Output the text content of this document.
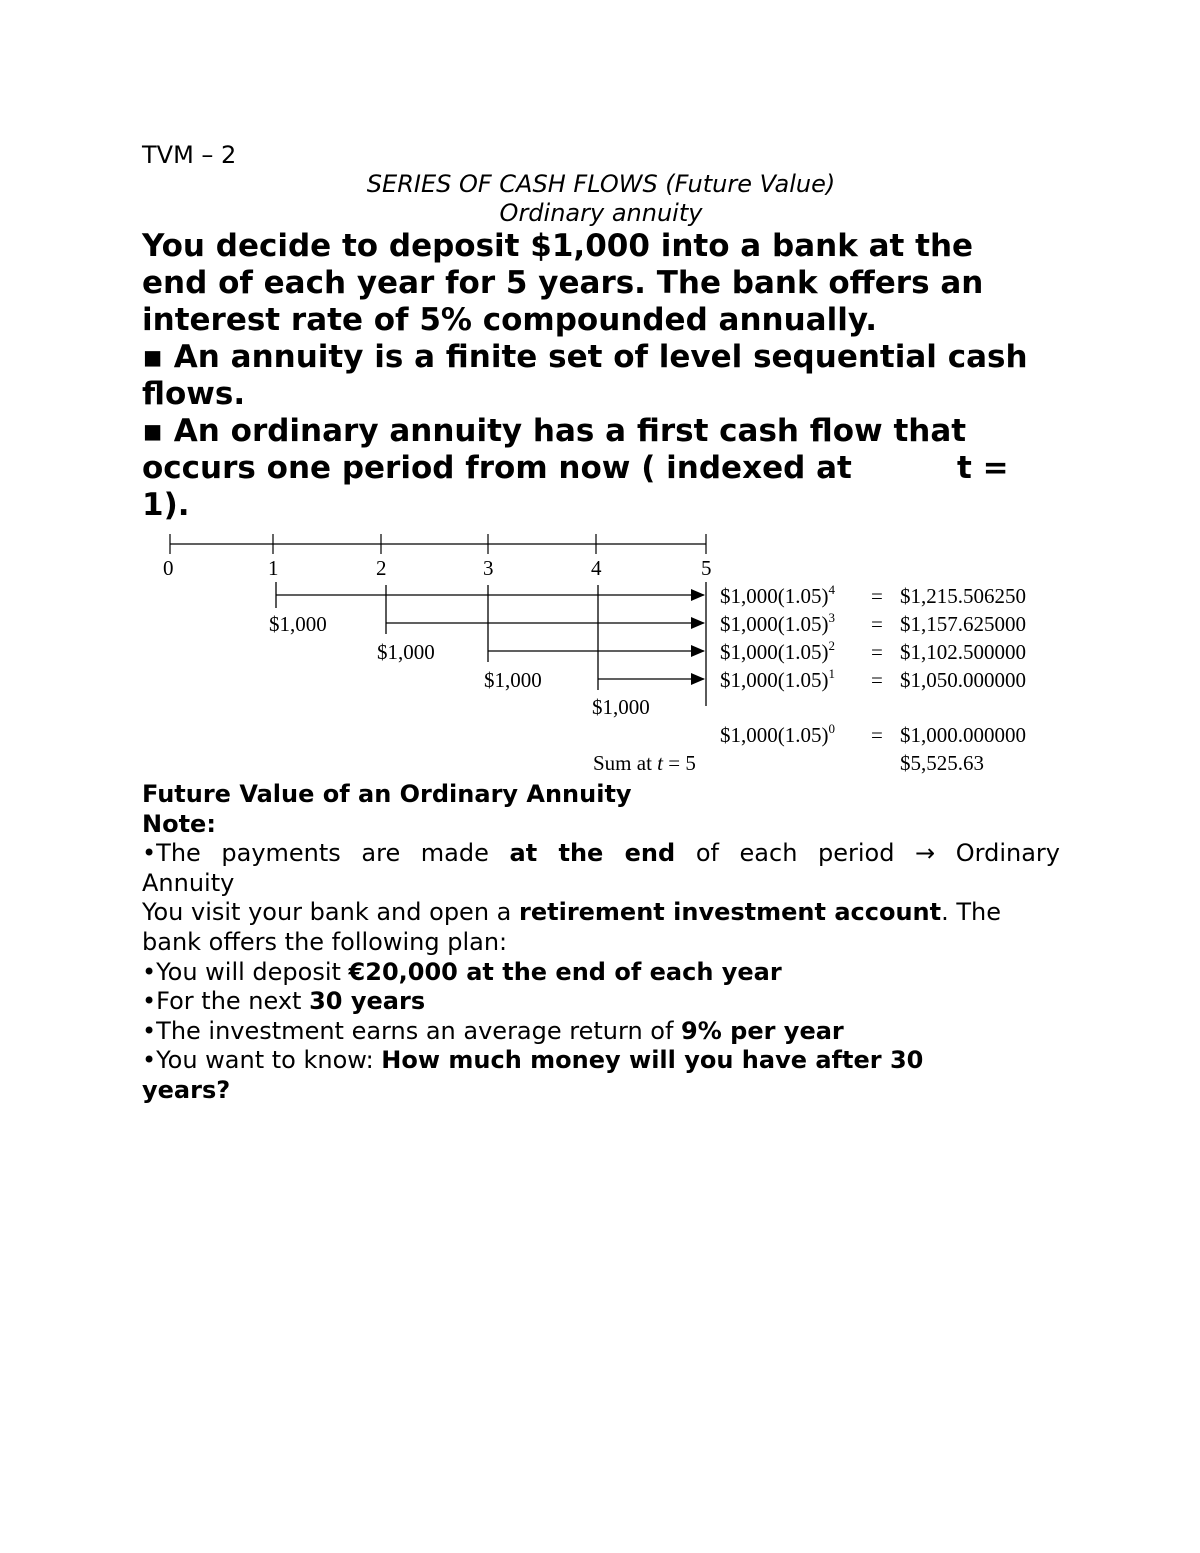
TVM – 2

SERIES OF CASH FLOWS (Future Value)

Ordinary annuity

You decide to deposit $1,000 into a bank at the

end of each year for 5 years. The bank offers an

interest rate of 5% compounded annually.

▪ An annuity is a finite set of level sequential cash

flows.

▪ An ordinary annuity has a first cash flow that

occurs one period from now ( indexed at	t =

1).

0	1	2	3	4	5
$1,000
$1,000
$1,000
$1,000
$\$1,000(1.05)^4$ = $1,215.506250
$\$1,000(1.05)^3$ = $1,157.625000
$\$1,000(1.05)^2$ = $1,102.500000
$\$1,000(1.05)^1$ = $1,050.000000
$\$1,000(1.05)^0$ = $1,000.000000
Sum at t = 5	$5,525.63

Future Value of an Ordinary Annuity

Note:

•The payments are made at the end of each period → Ordinary

Annuity

You visit your bank and open a retirement investment account. The

bank offers the following plan:

•You will deposit €20,000 at the end of each year

•For the next 30 years

•The investment earns an average return of 9% per year

•You want to know: How much money will you have after 30

years?
